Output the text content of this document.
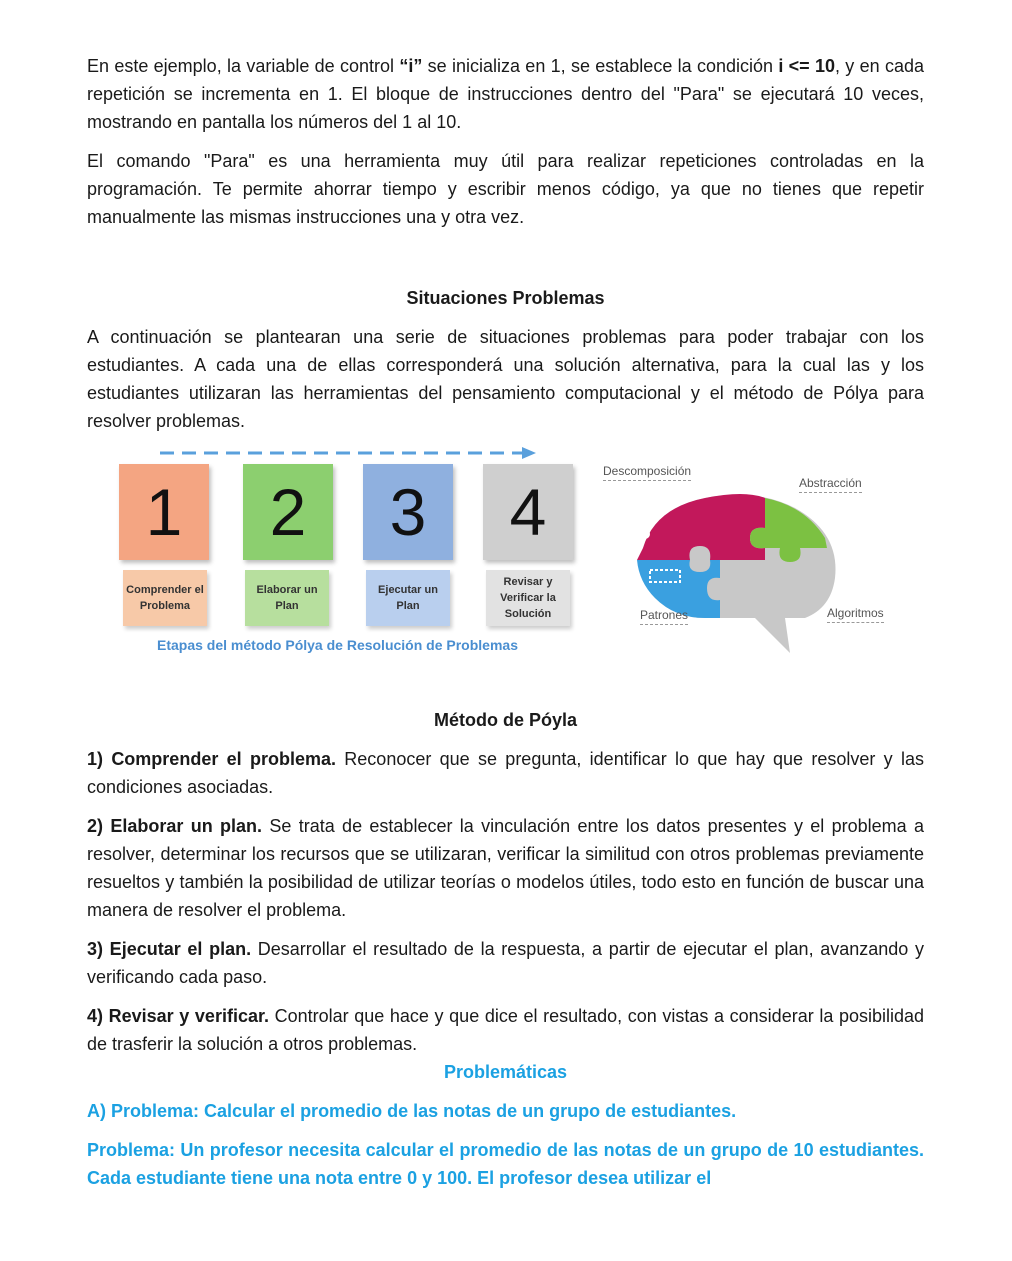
En este ejemplo, la variable de control “i” se inicializa en 1, se establece la condición i <= 10, y en cada repetición se incrementa en 1. El bloque de instrucciones dentro del "Para" se ejecutará 10 veces, mostrando en pantalla los números del 1 al 10.

El comando "Para" es una herramienta muy útil para realizar repeticiones controladas en la programación. Te permite ahorrar tiempo y escribir menos código, ya que no tienes que repetir manualmente las mismas instrucciones una y otra vez.

Situaciones Problemas

A continuación se plantearan una serie de situaciones problemas para poder trabajar con los estudiantes. A cada una de ellas corresponderá una solución alternativa, para la cual las y los estudiantes utilizaran las herramientas del pensamiento computacional y el método de Pólya para resolver problemas.

1 2 3 4
Comprender el Problema
Elaborar un Plan
Ejecutar un Plan
Revisar y Verificar la Solución
Etapas del método Pólya de Resolución de Problemas
Descomposición
Abstracción
Patrones	Algoritmos

Método de Póyla

1) Comprender el problema. Reconocer que se pregunta, identificar lo que hay que resolver y las condiciones asociadas.

2) Elaborar un plan. Se trata de establecer la vinculación entre los datos presentes y el problema a resolver, determinar los recursos que se utilizaran, verificar la similitud con otros problemas previamente resueltos y también la posibilidad de utilizar teorías o modelos útiles, todo esto en función de buscar una manera de resolver el problema.

3) Ejecutar el plan. Desarrollar el resultado de la respuesta, a partir de ejecutar el plan, avanzando y verificando cada paso.

4) Revisar y verificar. Controlar que hace y que dice el resultado, con vistas a considerar la posibilidad de trasferir la solución a otros problemas.

Problemáticas

A) Problema: Calcular el promedio de las notas de un grupo de estudiantes.

Problema: Un profesor necesita calcular el promedio de las notas de un grupo de 10 estudiantes. Cada estudiante tiene una nota entre 0 y 100. El profesor desea utilizar el
